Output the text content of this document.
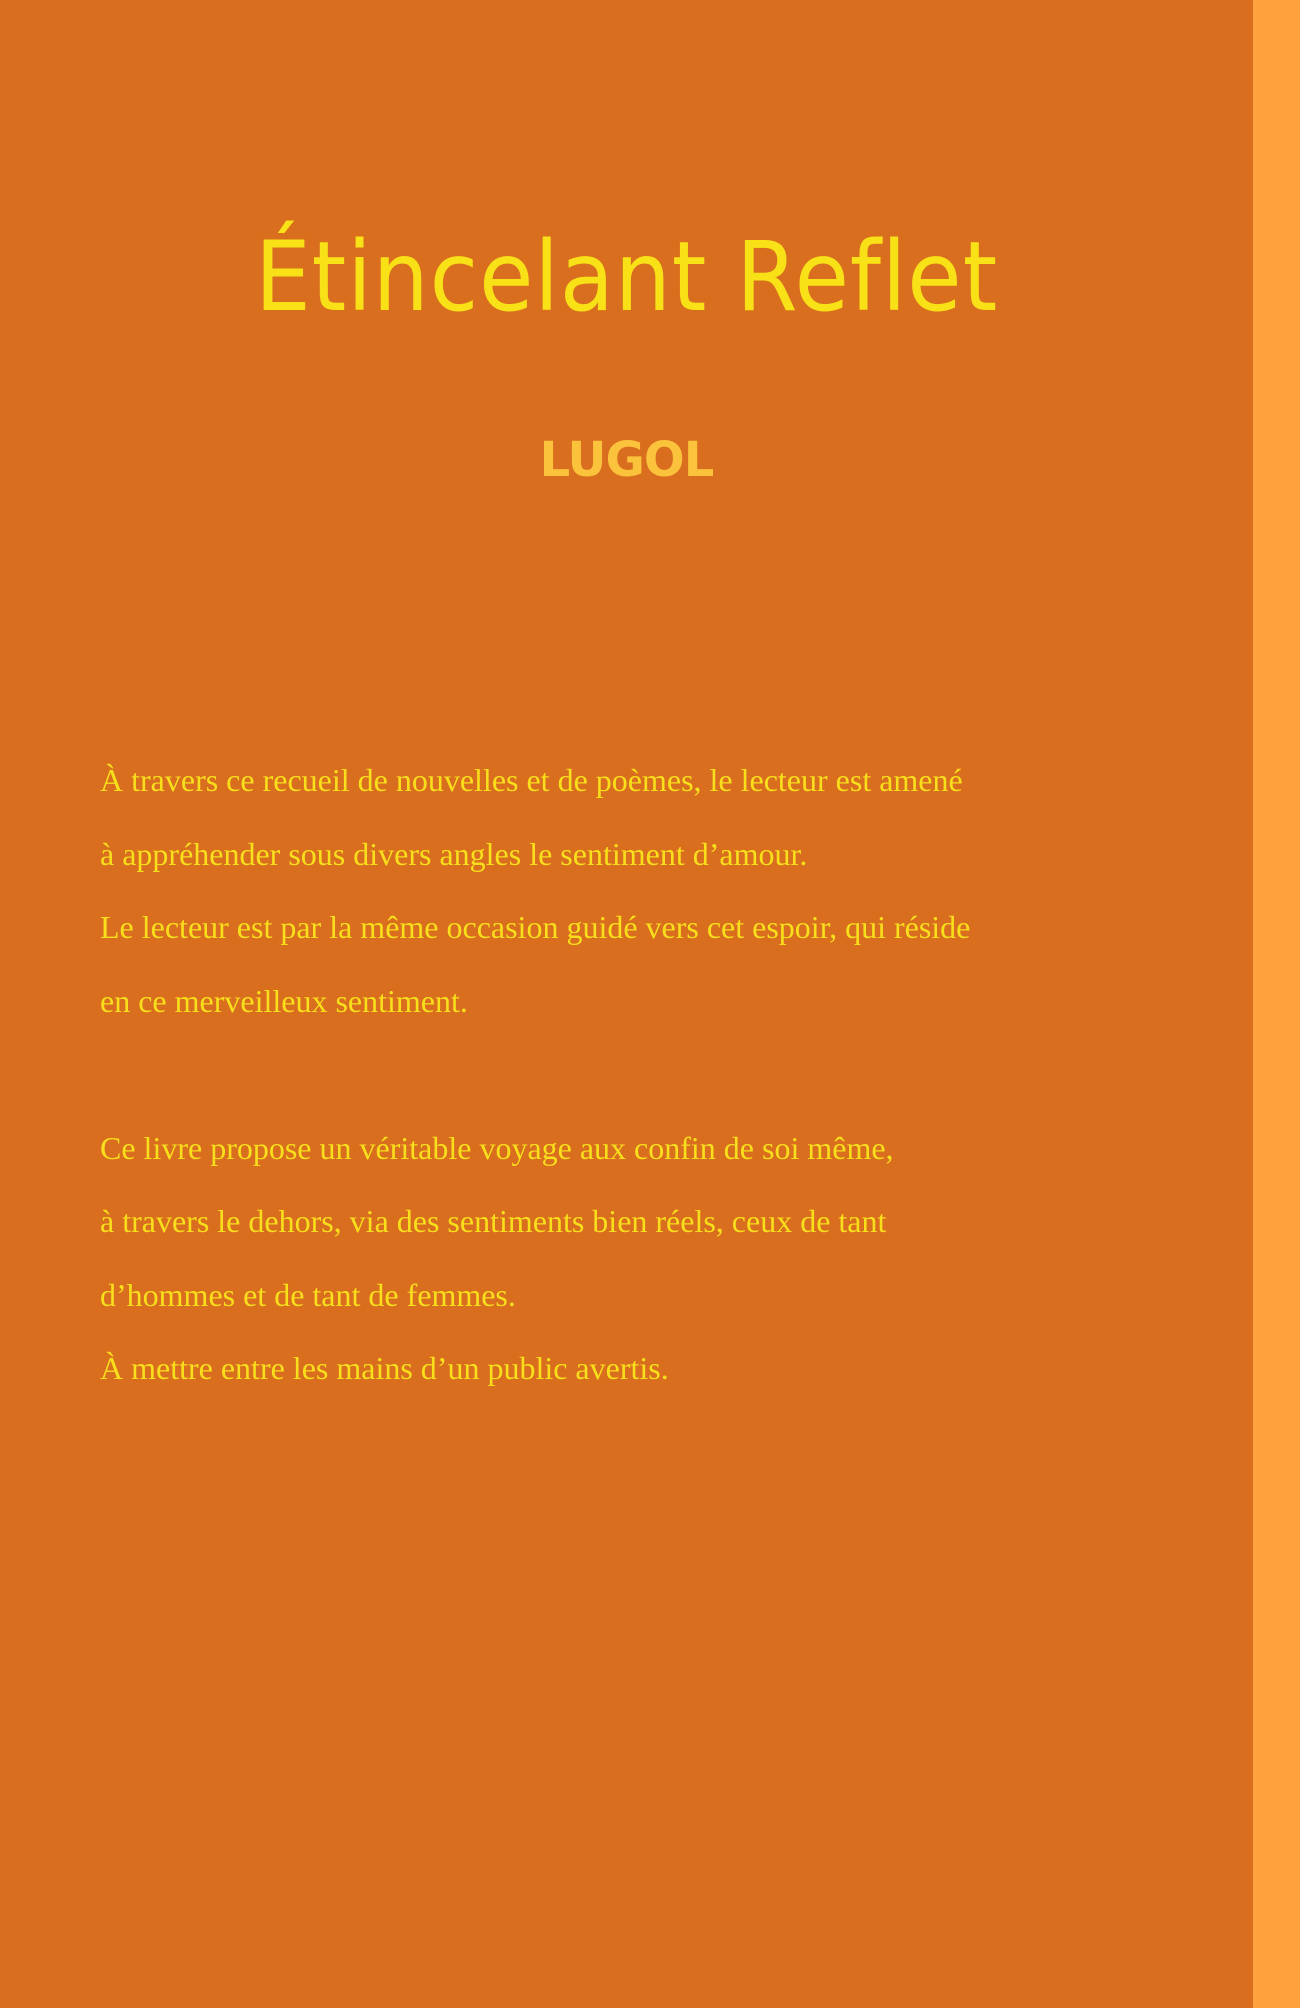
Étincelant Reflet
LUGOL
À travers ce recueil de nouvelles et de poèmes, le lecteur est amené
à appréhender sous divers angles le sentiment d’amour.
Le lecteur est par la même occasion guidé vers cet espoir, qui réside
en ce merveilleux sentiment.
Ce livre propose un véritable voyage aux confin de soi même,
à travers le dehors, via des sentiments bien réels, ceux de tant
d’hommes et de tant de femmes.
À mettre entre les mains d’un public avertis.
